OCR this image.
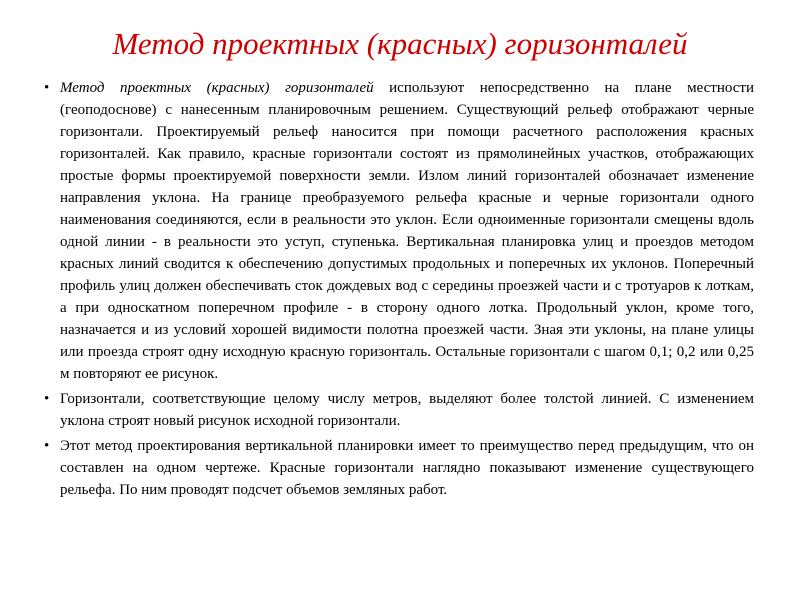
Метод проектных (красных) горизонталей
• Метод проектных (красных) горизонталей используют непосредственно на плане местности (геоподоснове) с нанесенным планировочным решением. Существующий рельеф отображают черные горизонтали. Проектируемый рельеф наносится при помощи расчетного расположения красных горизонталей. Как правило, красные горизонтали состоят из прямолинейных участков, отображающих простые формы проектируемой поверхности земли. Излом линий горизонталей обозначает изменение направления уклона. На границе преобразуемого рельефа красные и черные горизонтали одного наименования соединяются, если в реальности это уклон. Если одноименные горизонтали смещены вдоль одной линии - в реальности это уступ, ступенька. Вертикальная планировка улиц и проездов методом красных линий сводится к обеспечению допустимых продольных и поперечных их уклонов. Поперечный профиль улиц должен обеспечивать сток дождевых вод с середины проезжей части и с тротуаров к лоткам, а при односкатном поперечном профиле - в сторону одного лотка. Продольный уклон, кроме того, назначается и из условий хорошей видимости полотна проезжей части. Зная эти уклоны, на плане улицы или проезда строят одну исходную красную горизонталь. Остальные горизонтали с шагом 0,1; 0,2 или 0,25 м повторяют ее рисунок.
• Горизонтали, соответствующие целому числу метров, выделяют более толстой линией. С изменением уклона строят новый рисунок исходной горизонтали.
• Этот метод проектирования вертикальной планировки имеет то преимущество перед предыдущим, что он составлен на одном чертеже. Красные горизонтали наглядно показывают изменение существующего рельефа. По ним проводят подсчет объемов земляных работ.
